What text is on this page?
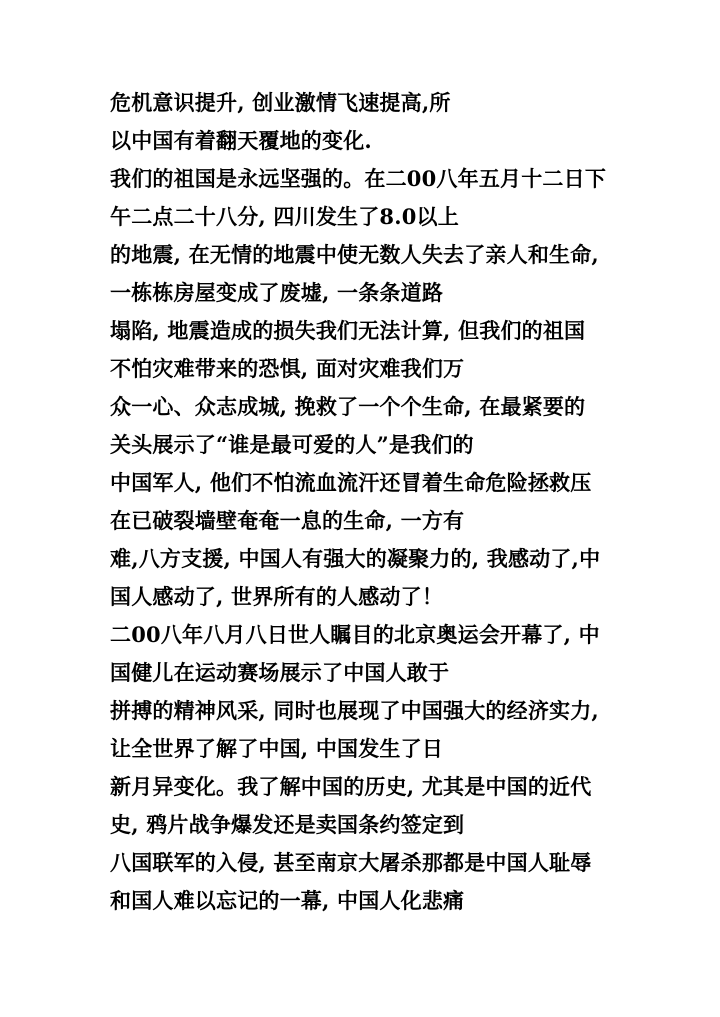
危机意识提升, 创业激情飞速提高,所
以中国有着翻天覆地的变化.
我们的祖国是永远坚强的。在二00八年五月十二日下
午二点二十八分, 四川发生了8.0以上
的地震, 在无情的地震中使无数人失去了亲人和生命,
一栋栋房屋变成了废墟, 一条条道路
塌陷, 地震造成的损失我们无法计算, 但我们的祖国
不怕灾难带来的恐惧, 面对灾难我们万
众一心、众志成城, 挽救了一个个生命, 在最紧要的
关头展示了“谁是最可爱的人”是我们的
中国军人, 他们不怕流血流汗还冒着生命危险拯救压
在已破裂墙壁奄奄一息的生命, 一方有
难,八方支援, 中国人有强大的凝聚力的, 我感动了,中
国人感动了, 世界所有的人感动了！
二00八年八月八日世人瞩目的北京奥运会开幕了, 中
国健儿在运动赛场展示了中国人敢于
拼搏的精神风采, 同时也展现了中国强大的经济实力,
让全世界了解了中国, 中国发生了日
新月异变化。我了解中国的历史, 尤其是中国的近代
史, 鸦片战争爆发还是卖国条约签定到
八国联军的入侵, 甚至南京大屠杀那都是中国人耻辱
和国人难以忘记的一幕, 中国人化悲痛
